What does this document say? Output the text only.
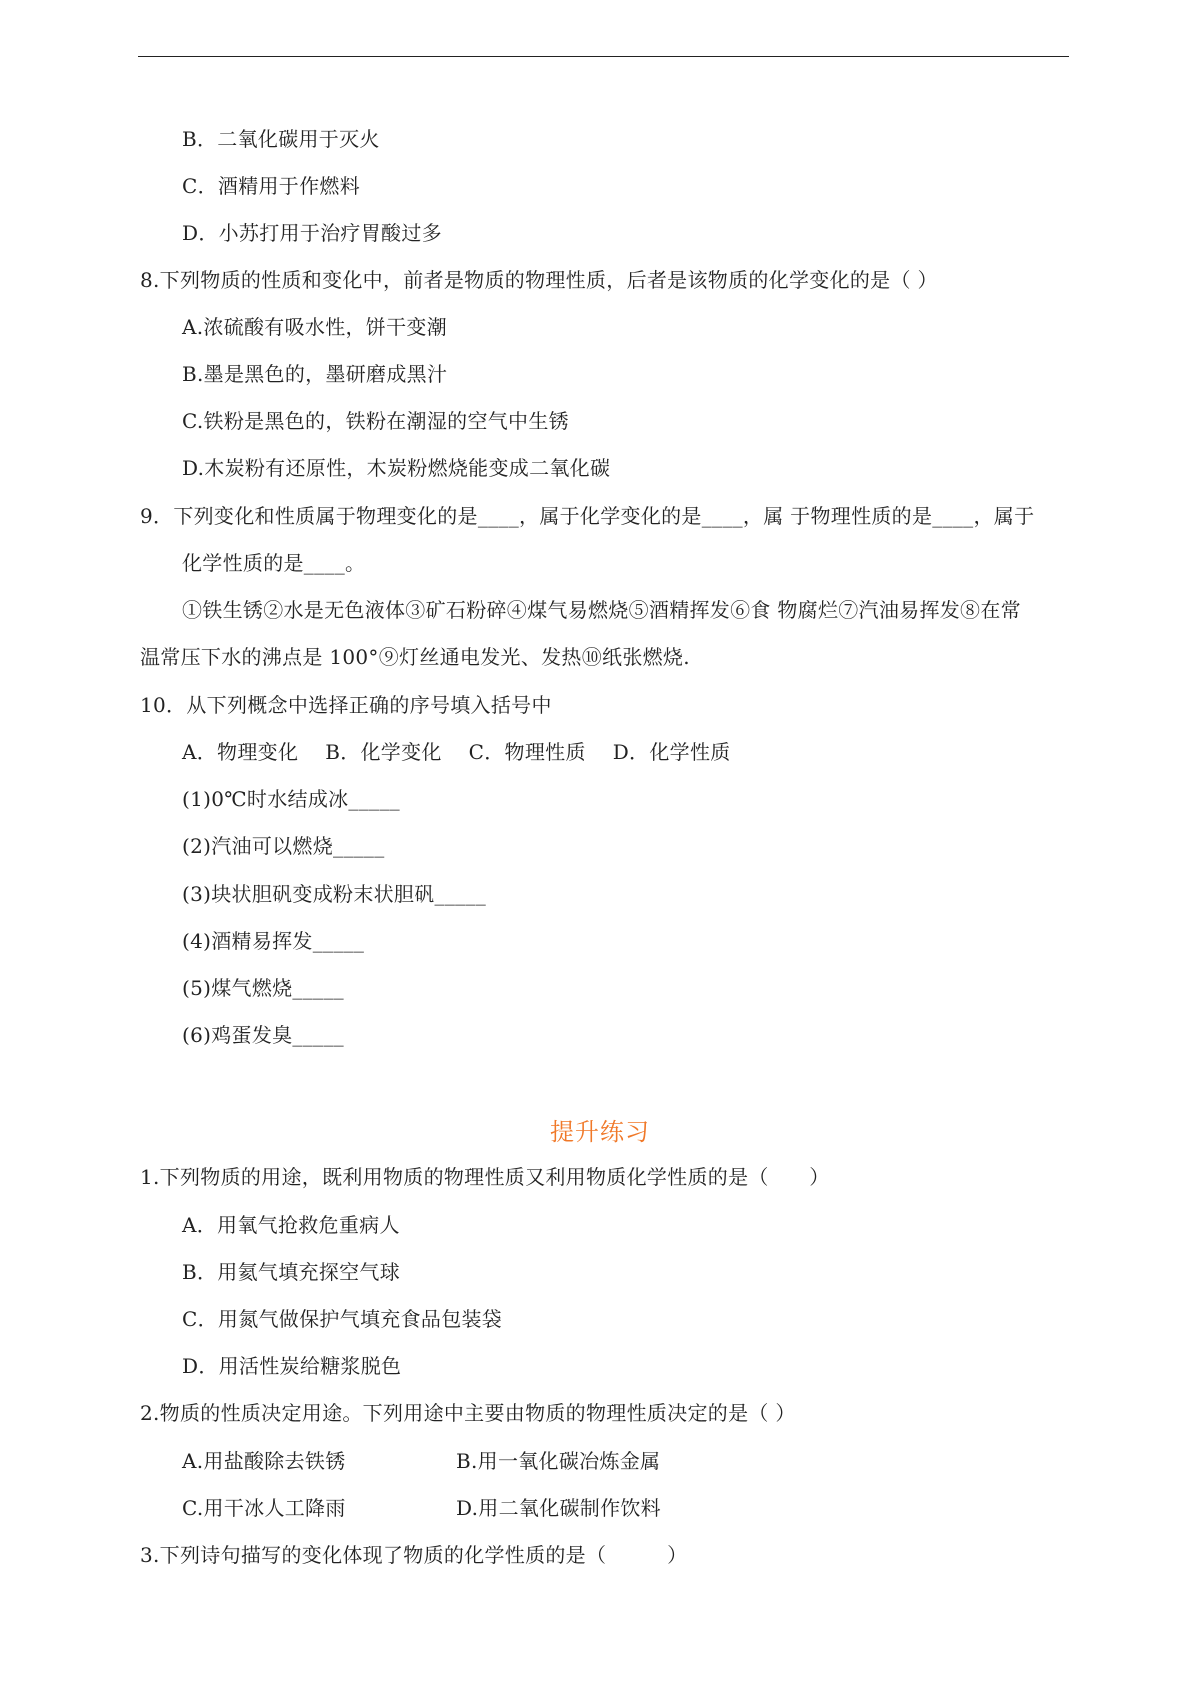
B．二氧化碳用于灭火
C．酒精用于作燃料
D．小苏打用于治疗胃酸过多
8.下列物质的性质和变化中，前者是物质的物理性质，后者是该物质的化学变化的是（ ）
A.浓硫酸有吸水性，饼干变潮
B.墨是黑色的，墨研磨成黑汁
C.铁粉是黑色的，铁粉在潮湿的空气中生锈
D.木炭粉有还原性，木炭粉燃烧能变成二氧化碳
9．下列变化和性质属于物理变化的是____，属于化学变化的是____，属 于物理性质的是____，属于
化学性质的是____。
①铁生锈②水是无色液体③矿石粉碎④煤气易燃烧⑤酒精挥发⑥食 物腐烂⑦汽油易挥发⑧在常
温常压下水的沸点是 100°⑨灯丝通电发光、发热⑩纸张燃烧.
10．从下列概念中选择正确的序号填入括号中
A．物理变化　 B．化学变化　 C．物理性质　 D．化学性质
(1)0℃时水结成冰_____
(2)汽油可以燃烧_____
(3)块状胆矾变成粉末状胆矾_____
(4)酒精易挥发_____
(5)煤气燃烧_____
(6)鸡蛋发臭_____
提升练习
1.下列物质的用途，既利用物质的物理性质又利用物质化学性质的是（　　）
A．用氧气抢救危重病人
B．用氦气填充探空气球
C．用氮气做保护气填充食品包装袋
D．用活性炭给糖浆脱色
2.物质的性质决定用途。下列用途中主要由物质的物理性质决定的是（ ）
A.用盐酸除去铁锈	B.用一氧化碳冶炼金属
C.用干冰人工降雨	D.用二氧化碳制作饮料
3.下列诗句描写的变化体现了物质的化学性质的是（　　　）
